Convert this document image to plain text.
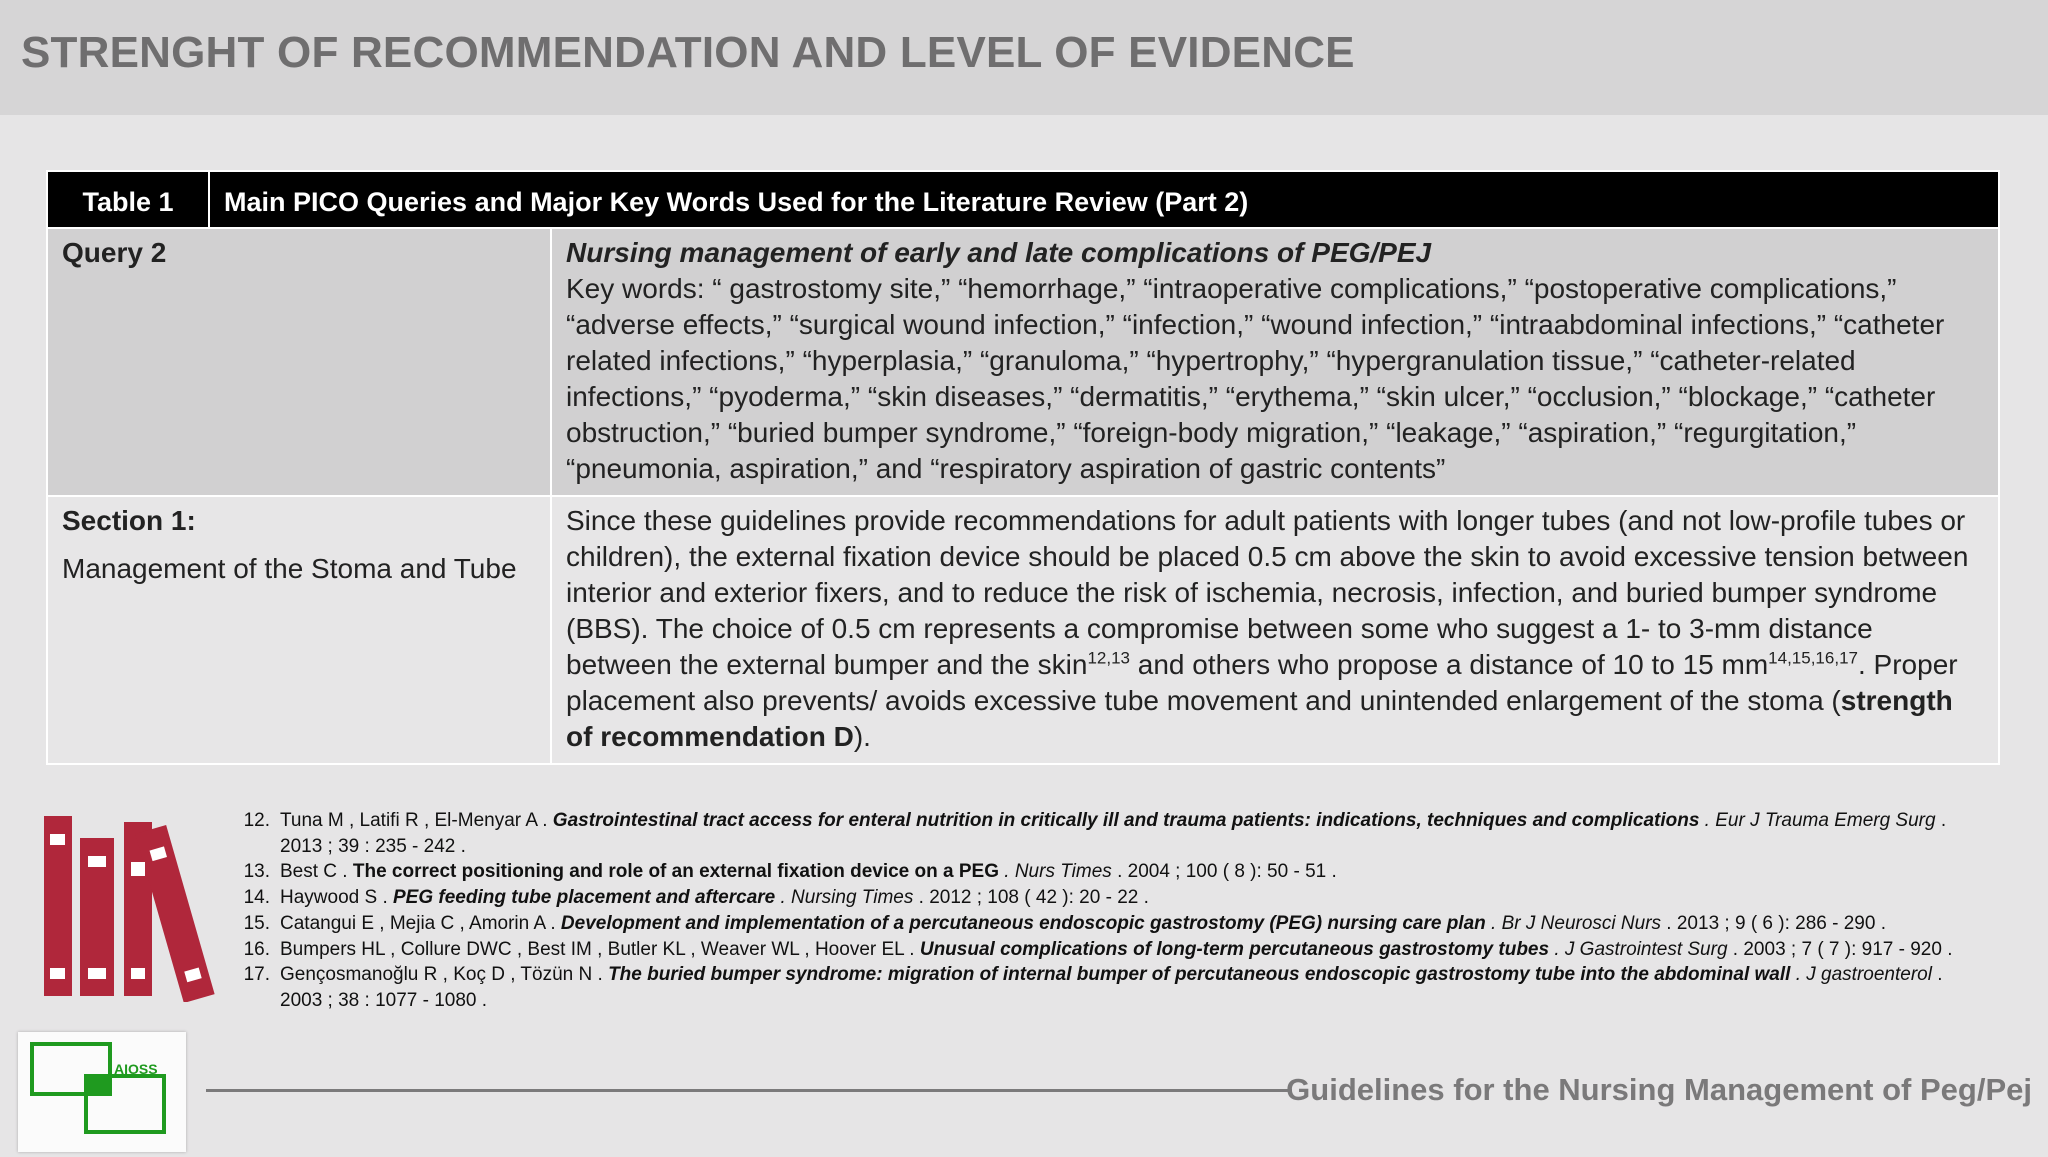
STRENGHT OF RECOMMENDATION AND LEVEL OF EVIDENCE
Table 1	Main PICO Queries and Major Key Words Used for the Literature Review (Part 2)

Query 2	Nursing management of early and late complications of PEG/PEJ
Key words: “ gastrostomy site,” “hemorrhage,” “intraoperative complications,” “postoperative complications,” “adverse effects,” “surgical wound infection,” “infection,” “wound infection,” “intraabdominal infections,” “catheter related infections,” “hyperplasia,” “granuloma,” “hypertrophy,” “hypergranulation tissue,” “catheter-related infections,” “pyoderma,” “skin diseases,” “dermatitis,” “erythema,” “skin ulcer,” “occlusion,” “blockage,” “catheter obstruction,” “buried bumper syndrome,” “foreign-body migration,” “leakage,” “aspiration,” “regurgitation,” “pneumonia, aspiration,” and “respiratory aspiration of gastric contents”

Section 1:
Management of the Stoma and Tube
	Since these guidelines provide recommendations for adult patients with longer tubes (and not low-profile tubes or children), the external fixation device should be placed 0.5 cm above the skin to avoid excessive tension between interior and exterior fixers, and to reduce the risk of ischemia, necrosis, infection, and buried bumper syndrome (BBS). The choice of 0.5 cm represents a compromise between some who suggest a 1- to 3-mm distance between the external bumper and the skin$^{12,13}$ and others who propose a distance of 10 to 15 mm$^{14,15,16,17}$. Proper placement also prevents/ avoids excessive tube movement and unintended enlargement of the stoma (strength of recommendation D).
12. Tuna M , Latifi R , El-Menyar A . Gastrointestinal tract access for enteral nutrition in critically ill and trauma patients: indications, techniques and complications . Eur J Trauma Emerg Surg . 2013 ; 39 : 235 - 242 .
13. Best C . The correct positioning and role of an external fixation device on a PEG . Nurs Times . 2004 ; 100 ( 8 ): 50 - 51 .
14. Haywood S . PEG feeding tube placement and aftercare . Nursing Times . 2012 ; 108 ( 42 ): 20 - 22 .
15. Catangui E , Mejia C , Amorin A . Development and implementation of a percutaneous endoscopic gastrostomy (PEG) nursing care plan . Br J Neurosci Nurs . 2013 ; 9 ( 6 ): 286 - 290 .
16. Bumpers HL , Collure DWC , Best IM , Butler KL , Weaver WL , Hoover EL . Unusual complications of long-term percutaneous gastrostomy tubes . J Gastrointest Surg . 2003 ; 7 ( 7 ): 917 - 920 .
17. Gençosmanoğlu R , Koç D , Tözün N . The buried bumper syndrome: migration of internal bumper of percutaneous endoscopic gastrostomy tube into the abdominal wall . J gastroenterol . 2003 ; 38 : 1077 - 1080 .
AIOSS
Guidelines for the Nursing Management of Peg/Pej
